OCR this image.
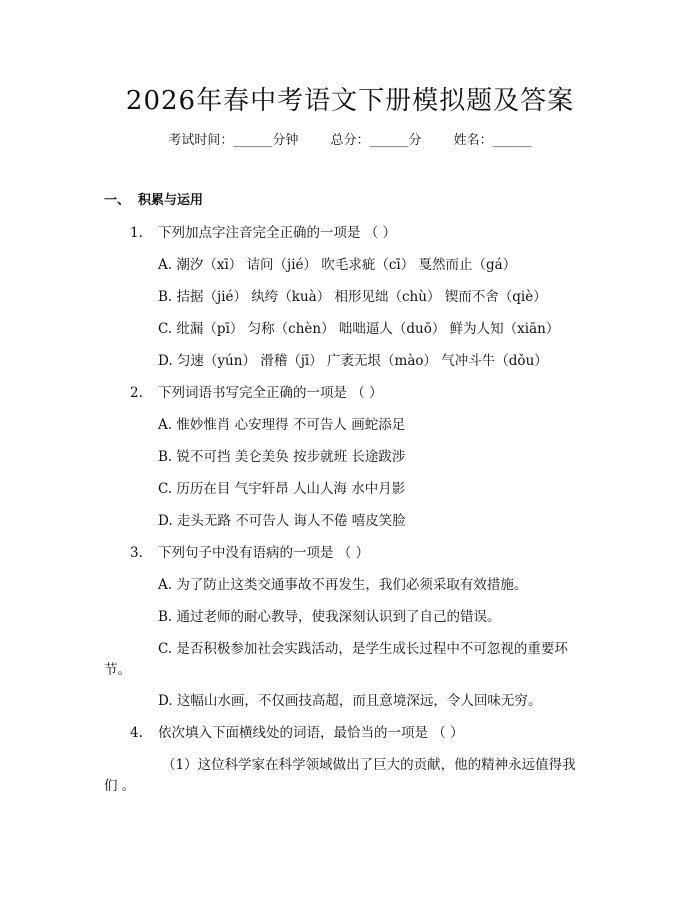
2026年春中考语文下册模拟题及答案
考试时间：______分钟 总分：______分 姓名：______
一、 积累与运用
1. 下列加点字注音完全正确的一项是 （ ）
A. 潮汐（xī） 诘问（jié） 吹毛求疵（cī） 戛然而止（gá）
B. 拮据（jié） 纨绔（kuà） 相形见绌（chù） 锲而不舍（qiè）
C. 纰漏（pī） 匀称（chèn） 咄咄逼人（duō） 鲜为人知（xiān）
D. 匀速（yún） 滑稽（jī） 广袤无垠（mào） 气冲斗牛（dǒu）
2. 下列词语书写完全正确的一项是 （ ）
A. 惟妙惟肖 心安理得 不可告人 画蛇添足
B. 锐不可挡 美仑美奂 按步就班 长途跋涉
C. 历历在目 气宇轩昂 人山人海 水中月影
D. 走头无路 不可告人 诲人不倦 嘻皮笑脸
3. 下列句子中没有语病的一项是 （ ）
A. 为了防止这类交通事故不再发生，我们必须采取有效措施。
B. 通过老师的耐心教导，使我深刻认识到了自己的错误。
C. 是否积极参加社会实践活动，是学生成长过程中不可忽视的重要环
节。
D. 这幅山水画，不仅画技高超，而且意境深远，令人回味无穷。
4. 依次填入下面横线处的词语，最恰当的一项是 （ ）
（1）这位科学家在科学领域做出了巨大的贡献，他的精神永远值得我
们 。
